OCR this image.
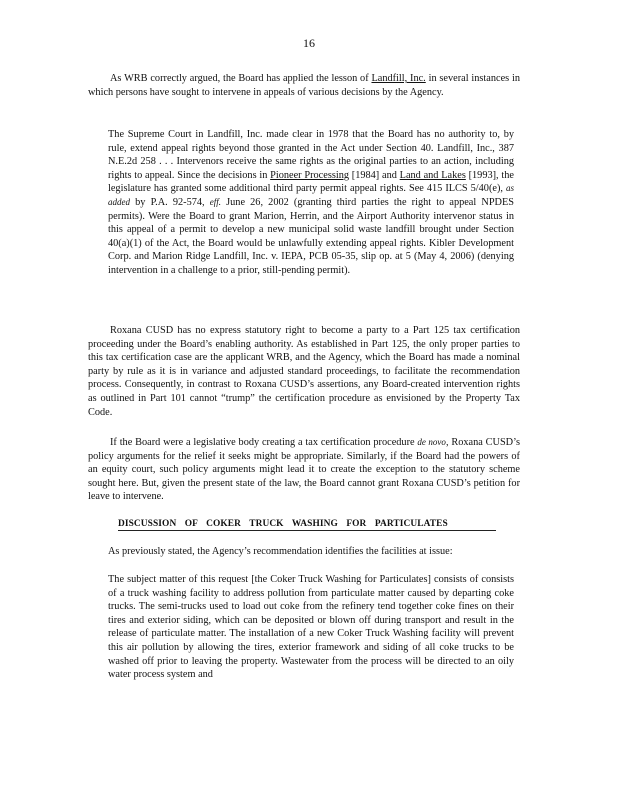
16

As WRB correctly argued, the Board has applied the lesson of Landfill, Inc. in several instances in which persons have sought to intervene in appeals of various decisions by the Agency.

The Supreme Court in Landfill, Inc. made clear in 1978 that the Board has no authority to, by rule, extend appeal rights beyond those granted in the Act under Section 40. Landfill, Inc., 387 N.E.2d 258 . . . Intervenors receive the same rights as the original parties to an action, including rights to appeal. Since the decisions in Pioneer Processing [1984] and Land and Lakes [1993], the legislature has granted some additional third party permit appeal rights. See 415 ILCS 5/40(e), as added by P.A. 92-574, eff. June 26, 2002 (granting third parties the right to appeal NPDES permits). Were the Board to grant Marion, Herrin, and the Airport Authority intervenor status in this appeal of a permit to develop a new municipal solid waste landfill brought under Section 40(a)(1) of the Act, the Board would be unlawfully extending appeal rights. Kibler Development Corp. and Marion Ridge Landfill, Inc. v. IEPA, PCB 05-35, slip op. at 5 (May 4, 2006) (denying intervention in a challenge to a prior, still-pending permit).

Roxana CUSD has no express statutory right to become a party to a Part 125 tax certification proceeding under the Board’s enabling authority. As established in Part 125, the only proper parties to this tax certification case are the applicant WRB, and the Agency, which the Board has made a nominal party by rule as it is in variance and adjusted standard proceedings, to facilitate the recommendation process. Consequently, in contrast to Roxana CUSD’s assertions, any Board-created intervention rights as outlined in Part 101 cannot “trump” the certification procedure as envisioned by the Property Tax Code.

If the Board were a legislative body creating a tax certification procedure de novo, Roxana CUSD’s policy arguments for the relief it seeks might be appropriate. Similarly, if the Board had the powers of an equity court, such policy arguments might lead it to create the exception to the statutory scheme sought here. But, given the present state of the law, the Board cannot grant Roxana CUSD’s petition for leave to intervene.

DISCUSSION OF COKER TRUCK WASHING FOR PARTICULATES

As previously stated, the Agency’s recommendation identifies the facilities at issue:

The subject matter of this request [the Coker Truck Washing for Particulates] consists of consists of a truck washing facility to address pollution from particulate matter caused by departing coke trucks. The semi-trucks used to load out coke from the refinery tend together coke fines on their tires and exterior siding, which can be deposited or blown off during transport and result in the release of particulate matter. The installation of a new Coker Truck Washing facility will prevent this air pollution by allowing the tires, exterior framework and siding of all coke trucks to be washed off prior to leaving the property. Wastewater from the process will be directed to an oily water process system and
